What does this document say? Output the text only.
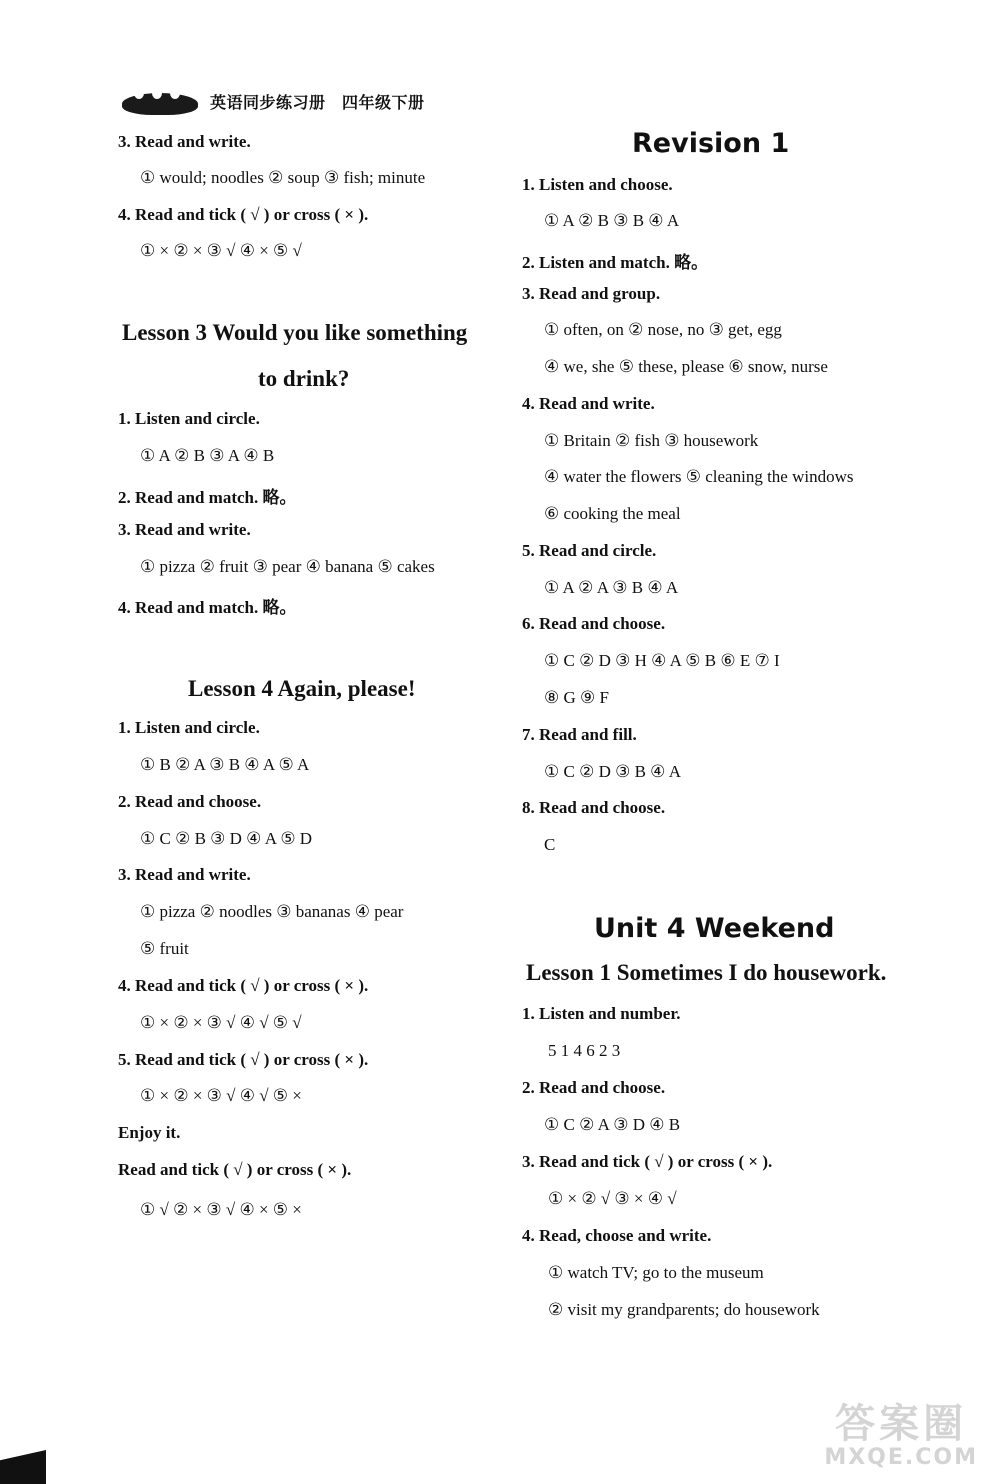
英语同步练习册　四年级下册
3. Read and write.
① would; noodles ② soup ③ fish; minute
4. Read and tick ( √ ) or cross ( × ).
① × ② × ③ √ ④ × ⑤ √
Lesson 3 Would you like something
to drink?
1. Listen and circle.
① A ② B ③ A ④ B
2. Read and match. 略。
3. Read and write.
① pizza ② fruit ③ pear ④ banana ⑤ cakes
4. Read and match. 略。
Lesson 4 Again, please!
1. Listen and circle.
① B ② A ③ B ④ A ⑤ A
2. Read and choose.
① C ② B ③ D ④ A ⑤ D
3. Read and write.
① pizza ② noodles ③ bananas ④ pear
⑤ fruit
4. Read and tick ( √ ) or cross ( × ).
① × ② × ③ √ ④ √ ⑤ √
5. Read and tick ( √ ) or cross ( × ).
① × ② × ③ √ ④ √ ⑤ ×
Enjoy it.
Read and tick ( √ ) or cross ( × ).
① √ ② × ③ √ ④ × ⑤ ×
Revision 1
1. Listen and choose.
① A ② B ③ B ④ A
2. Listen and match. 略。
3. Read and group.
① often, on ② nose, no ③ get, egg
④ we, she ⑤ these, please ⑥ snow, nurse
4. Read and write.
① Britain ② fish ③ housework
④ water the flowers ⑤ cleaning the windows
⑥ cooking the meal
5. Read and circle.
① A ② A ③ B ④ A
6. Read and choose.
① C ② D ③ H ④ A ⑤ B ⑥ E ⑦ I
⑧ G ⑨ F
7. Read and fill.
① C ② D ③ B ④ A
8. Read and choose.
C
Unit 4 Weekend
Lesson 1 Sometimes I do housework.
1. Listen and number.
5 1 4 6 2 3
2. Read and choose.
① C ② A ③ D ④ B
3. Read and tick ( √ ) or cross ( × ).
① × ② √ ③ × ④ √
4. Read, choose and write.
① watch TV; go to the museum
② visit my grandparents; do housework
答案圈
MXQE.COM
